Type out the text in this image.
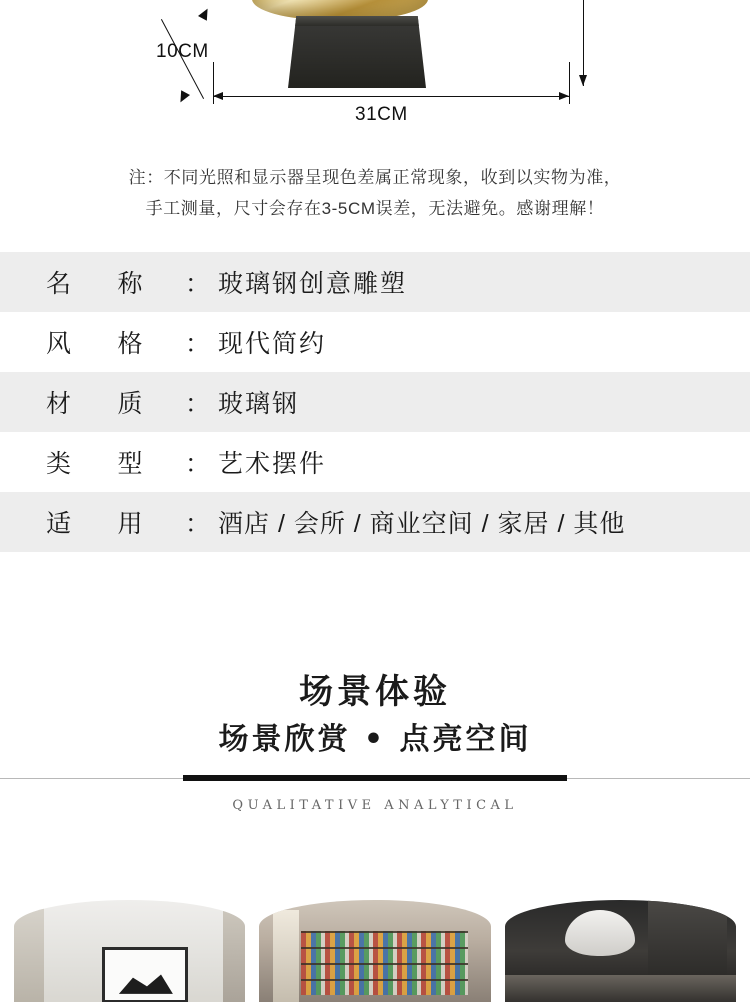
10CM
31CM
注：不同光照和显示器呈现色差属正常现象，收到以实物为准，
手工测量，尺寸会存在3-5CM误差，无法避免。感谢理解！
名 称 ： 玻璃钢创意雕塑
风 格 ： 现代简约
材 质 ： 玻璃钢
类 型 ： 艺术摆件
适 用 ： 酒店 / 会所 / 商业空间 / 家居 / 其他
场景体验
场景欣赏 • 点亮空间
QUALITATIVE ANALYTICAL
